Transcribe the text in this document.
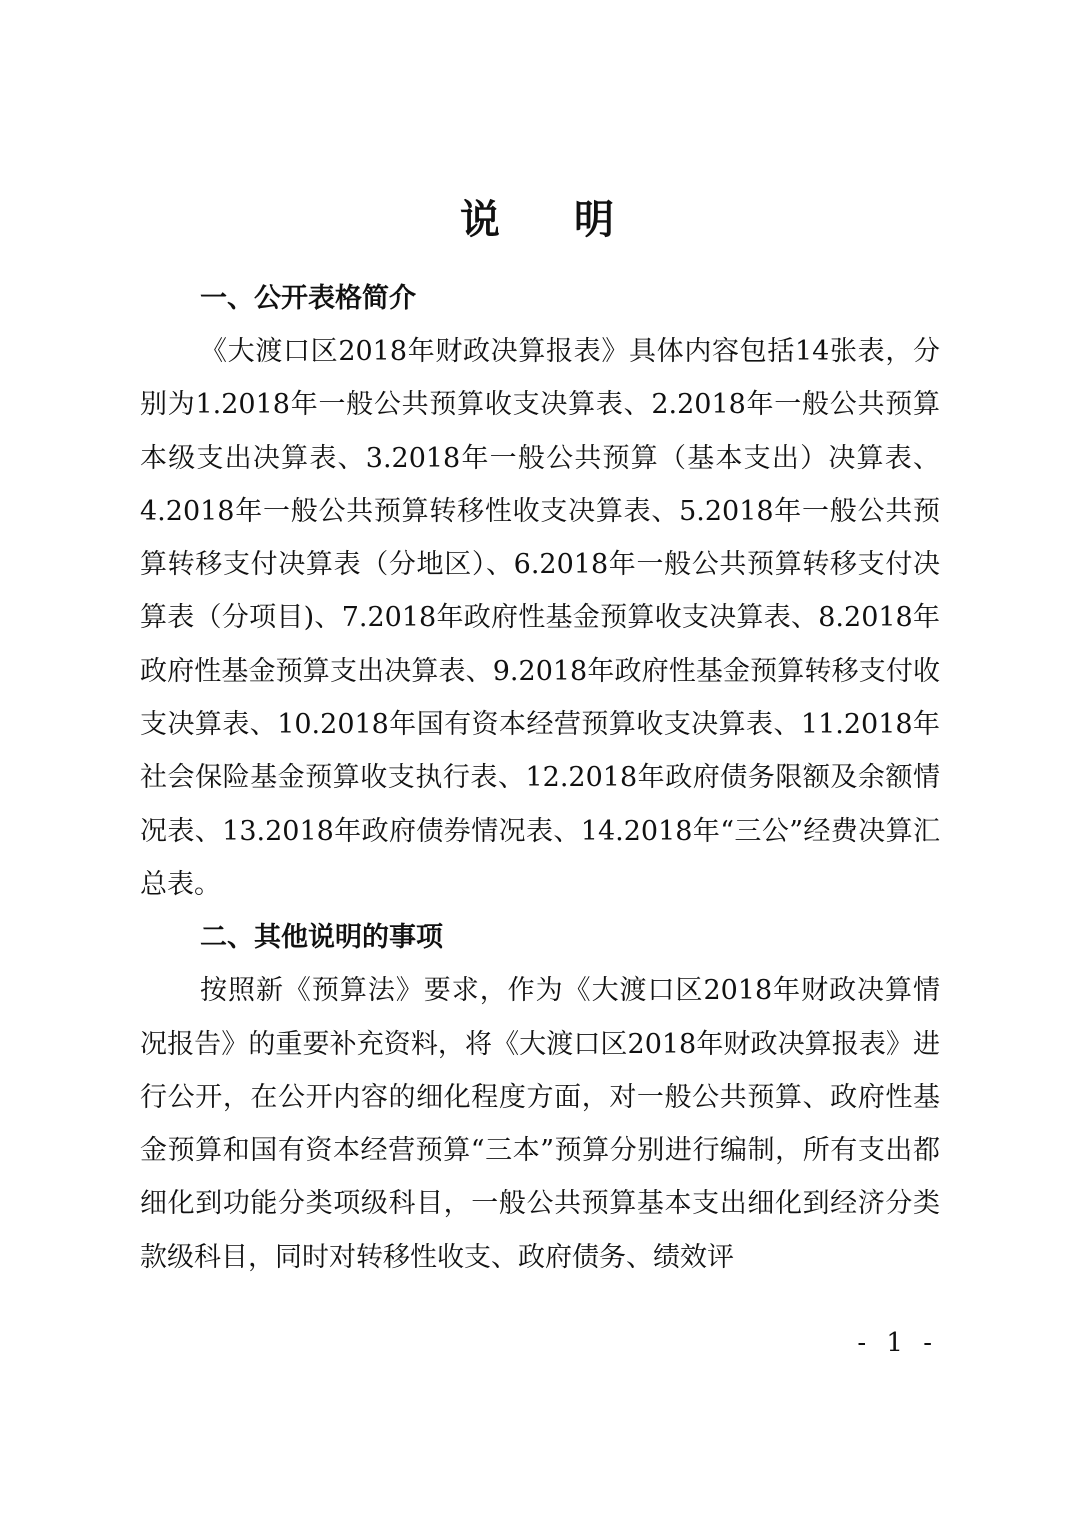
说 明
一、公开表格简介

《大渡口区2018年财政决算报表》具体内容包括14张表，分别为1.2018年一般公共预算收支决算表、2.2018年一般公共预算本级支出决算表、3.2018年一般公共预算（基本支出）决算表、4.2018年一般公共预算转移性收支决算表、5.2018年一般公共预算转移支付决算表（分地区）、6.2018年一般公共预算转移支付决算表（分项目)、7.2018年政府性基金预算收支决算表、8.2018年政府性基金预算支出决算表、9.2018年政府性基金预算转移支付收支决算表、10.2018年国有资本经营预算收支决算表、11.2018年社会保险基金预算收支执行表、12.2018年政府债务限额及余额情况表、13.2018年政府债券情况表、14.2018年“三公”经费决算汇总表。

二、其他说明的事项

按照新《预算法》要求，作为《大渡口区2018年财政决算情况报告》的重要补充资料，将《大渡口区2018年财政决算报表》进行公开，在公开内容的细化程度方面，对一般公共预算、政府性基金预算和国有资本经营预算“三本”预算分别进行编制，所有支出都细化到功能分类项级科目，一般公共预算基本支出细化到经济分类款级科目，同时对转移性收支、政府债务、绩效评

- 1 -
